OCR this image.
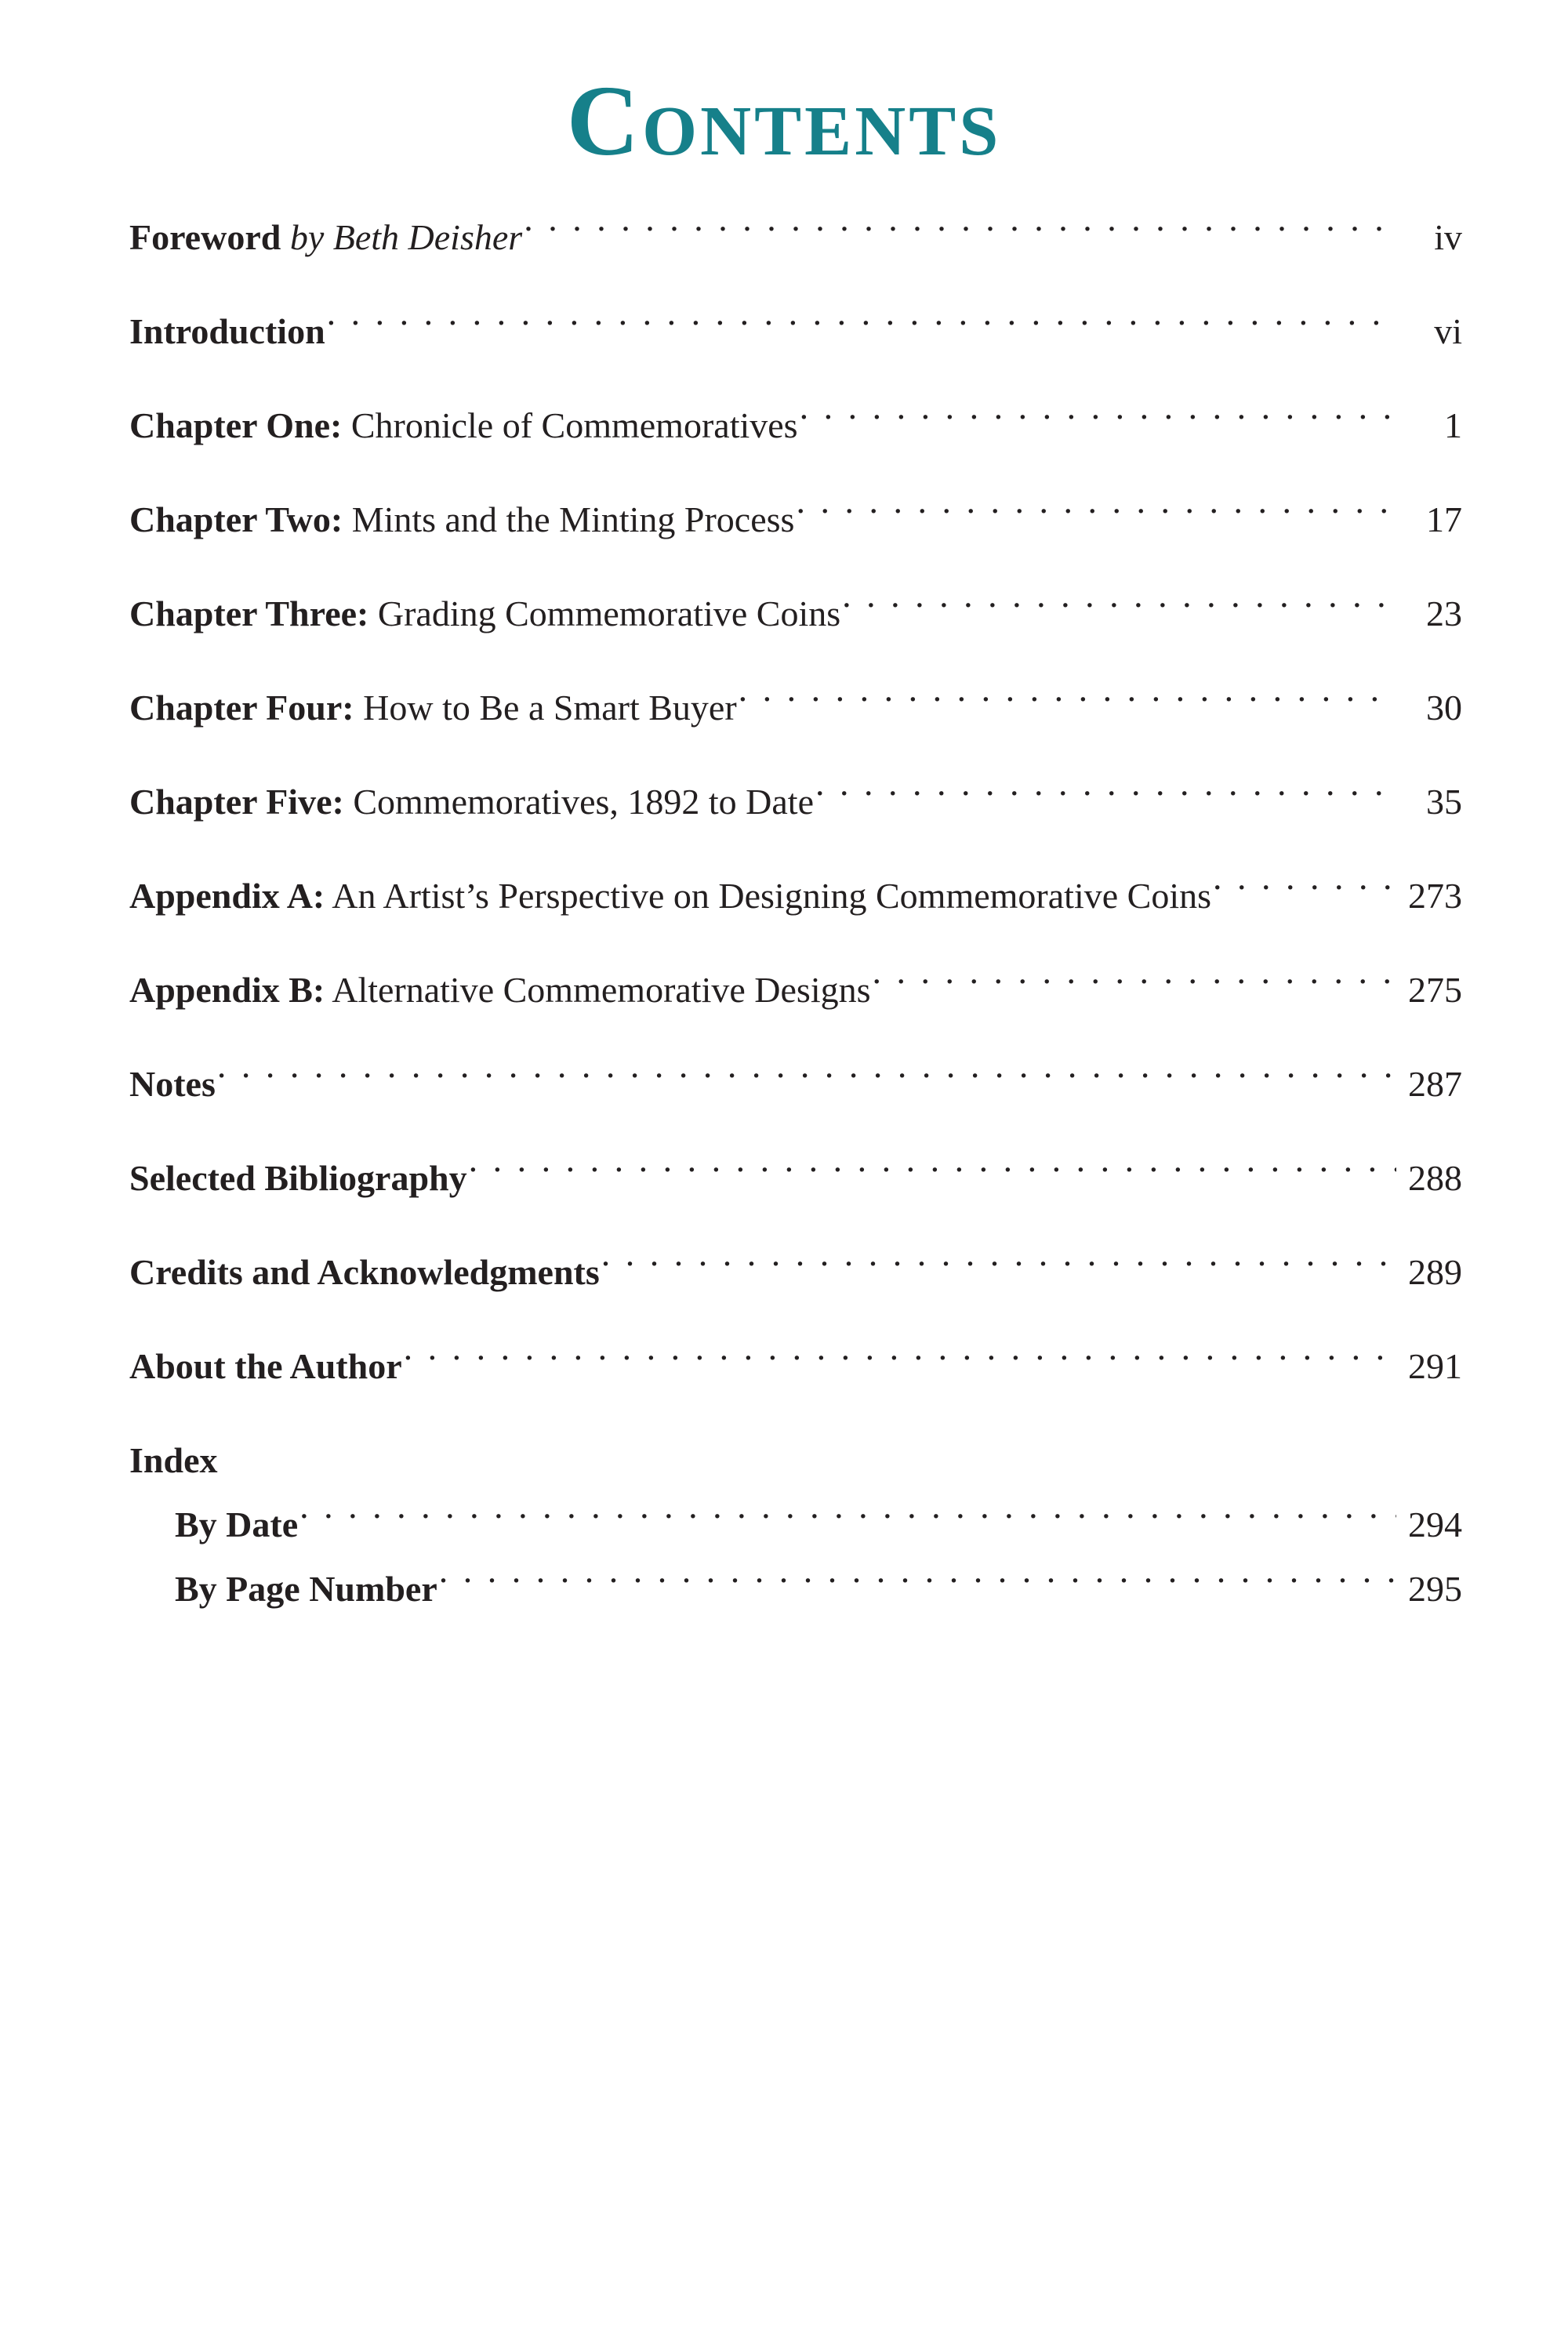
Contents
Foreword by Beth Deisher . . .	iv
Introduction . . .	vi
Chapter One: Chronicle of Commemoratives . . .	1
Chapter Two: Mints and the Minting Process . . .	17
Chapter Three: Grading Commemorative Coins . . .	23
Chapter Four: How to Be a Smart Buyer . . .	30
Chapter Five: Commemoratives, 1892 to Date . . .	35
Appendix A: An Artist’s Perspective on Designing Commemorative Coins . . .	273
Appendix B: Alternative Commemorative Designs . . .	275
Notes . . .	287
Selected Bibliography . . .	288
Credits and Acknowledgments . . .	289
About the Author . . .	291
Index
By Date . . .	294
By Page Number . . .	295
